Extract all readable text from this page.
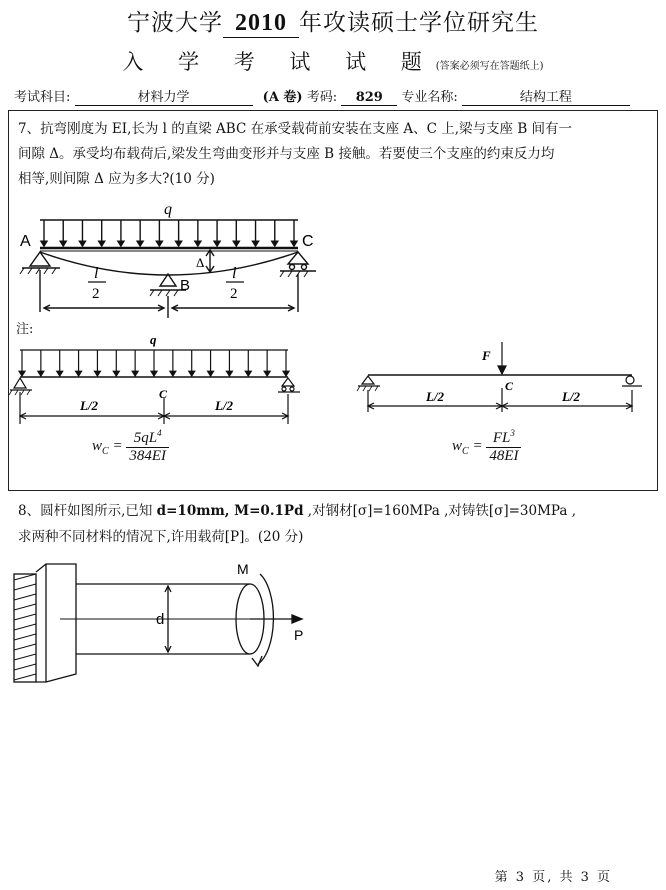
宁波大学 2010 年攻读硕士学位研究生
入 学 考 试 试 题(答案必须写在答题纸上)
考试科目:	材料力学	(A 卷) 考码: 829 专业名称:	结构工程
7、抗弯刚度为 EI,长为 l 的直梁 ABC 在承受载荷前安装在支座 A、C 上,梁与支座 B 间有一
间隙 Δ。承受均布载荷后,梁发生弯曲变形并与支座 B 接触。若要使三个支座的约束反力均
相等,则间隙 Δ 应为多大?(10 分)
q
A	C
B
Δ
l
2
l
2
注:
q
C
L/2	L/2
$w_C = \frac{5qL^4}{384EI}$
F
C
L/2	L/2
$w_C = \frac{FL^3}{48EI}$
8、圆杆如图所示,已知 d=10mm, M=0.1Pd ,对钢材[σ]=160MPa ,对铸铁[σ]=30MPa ,
求两种不同材料的情况下,许用载荷[P]。(20 分)
M
d
P
第 3 页, 共 3 页
